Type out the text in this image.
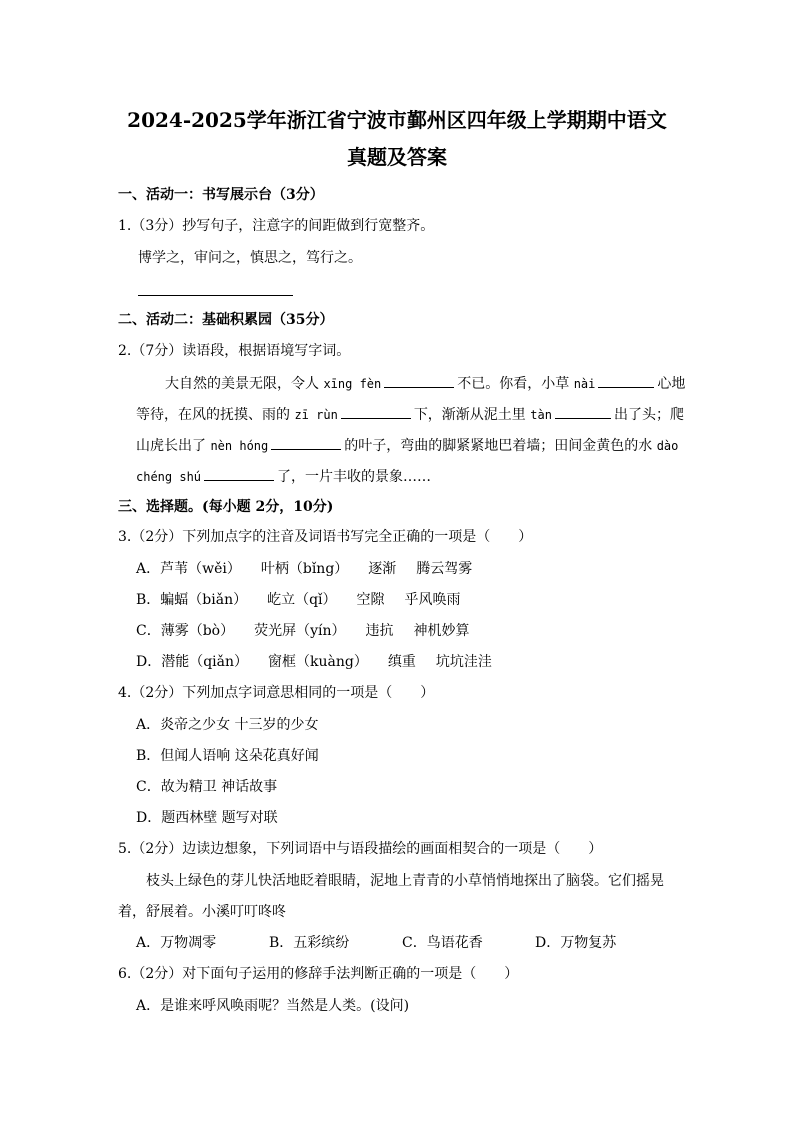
2024-2025学年浙江省宁波市鄞州区四年级上学期期中语文
真题及答案
一、活动一：书写展示台（3分）
1.（3分）抄写句子，注意字的间距做到行宽整齐。
博学之，审问之，慎思之，笃行之。
二、活动二：基础积累园（35分）
2.（7分）读语段，根据语境写字词。
大自然的美景无限，令人 xīng fèn	不已。你看，小草 nài	心地
等待，在风的抚摸、雨的 zī rùn	下，渐渐从泥土里 tàn	出了头；爬
山虎长出了 nèn hóng	的叶子，弯曲的脚紧紧地巴着墙；田间金黄色的水 dào
chéng shú	了，一片丰收的景象……
三、选择题。(每小题 2分，10分)
3.（2分）下列加点字的注音及词语书写完全正确的一项是（　　）
A．芦苇（wěi） 叶柄（bǐng） 逐渐 腾云驾雾
B．蝙蝠（biǎn） 屹立（qǐ） 空隙 乎风唤雨
C．薄雾（bò） 荧光屏（yín） 违抗 神机妙算
D．潜能（qiǎn） 窗框（kuàng） 缜重 坑坑洼洼
4.（2分）下列加点字词意思相同的一项是（　　）
A．炎帝之少女 十三岁的少女
B．但闻人语响 这朵花真好闻
C．故为精卫 神话故事
D．题西林壁 题写对联
5.（2分）边读边想象，下列词语中与语段描绘的画面相契合的一项是（　　）
枝头上绿色的芽儿快活地眨着眼睛，泥地上青青的小草悄悄地探出了脑袋。它们摇晃
着，舒展着。小溪叮叮咚咚
A．万物凋零	B．五彩缤纷	C．鸟语花香	D．万物复苏
6.（2分）对下面句子运用的修辞手法判断正确的一项是（　　）
A．是谁来呼风唤雨呢？当然是人类。(设问)
